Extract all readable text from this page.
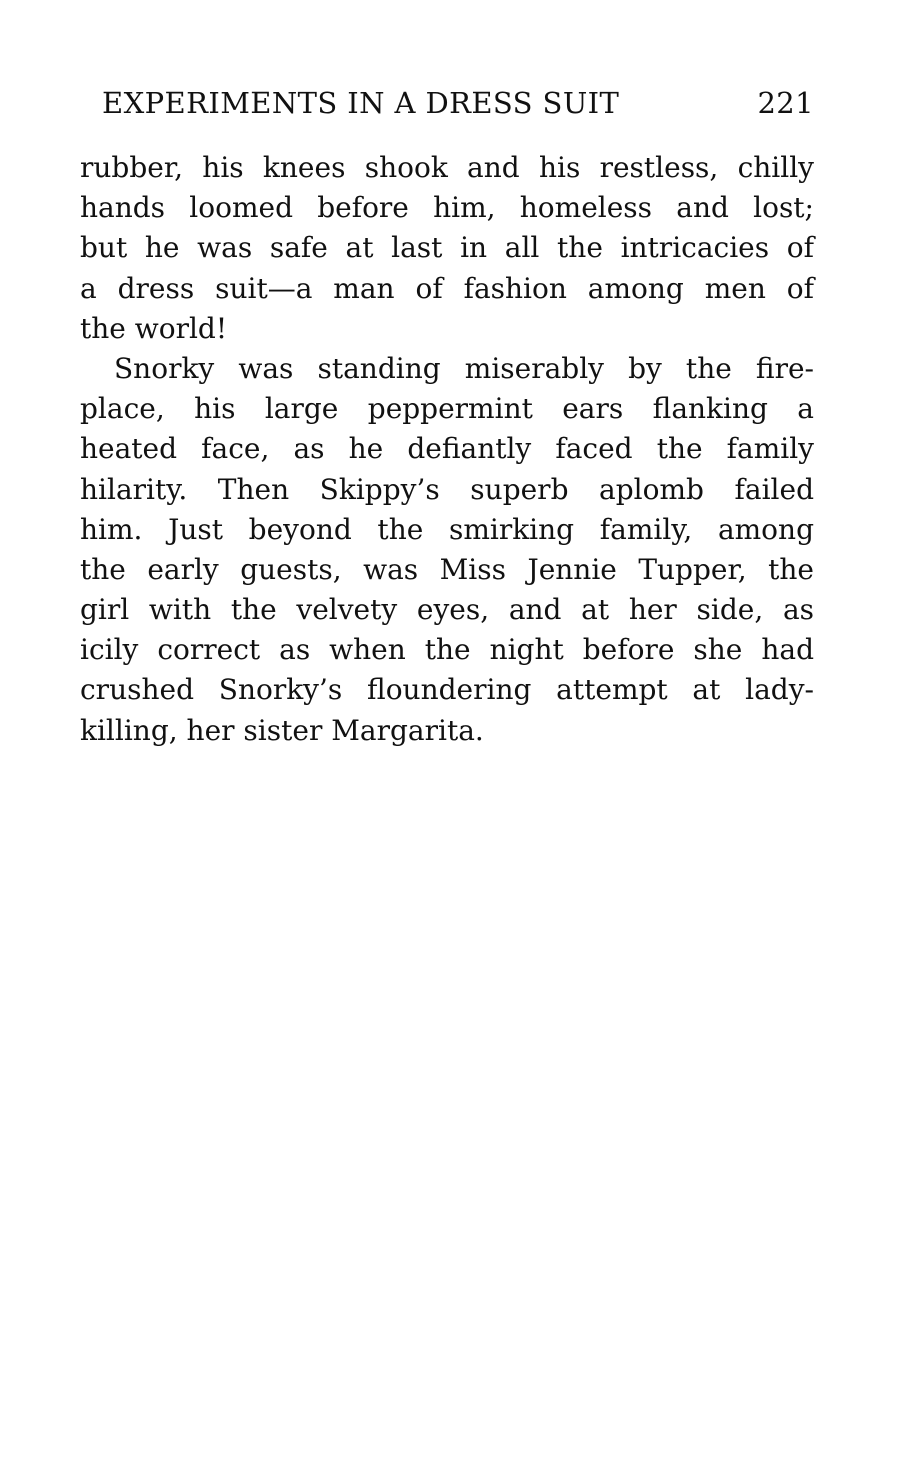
EXPERIMENTS IN A DRESS SUIT	221
rubber, his knees shook and his restless, chilly
hands loomed before him, homeless and lost;
but he was safe at last in all the intricacies of
a dress suit—a man of fashion among men of
the world!
Snorky was standing miserably by the fire-
place, his large peppermint ears flanking a
heated face, as he defiantly faced the family
hilarity. Then Skippy’s superb aplomb failed
him. Just beyond the smirking family, among
the early guests, was Miss Jennie Tupper, the
girl with the velvety eyes, and at her side, as
icily correct as when the night before she had
crushed Snorky’s floundering attempt at lady-
killing, her sister Margarita.
